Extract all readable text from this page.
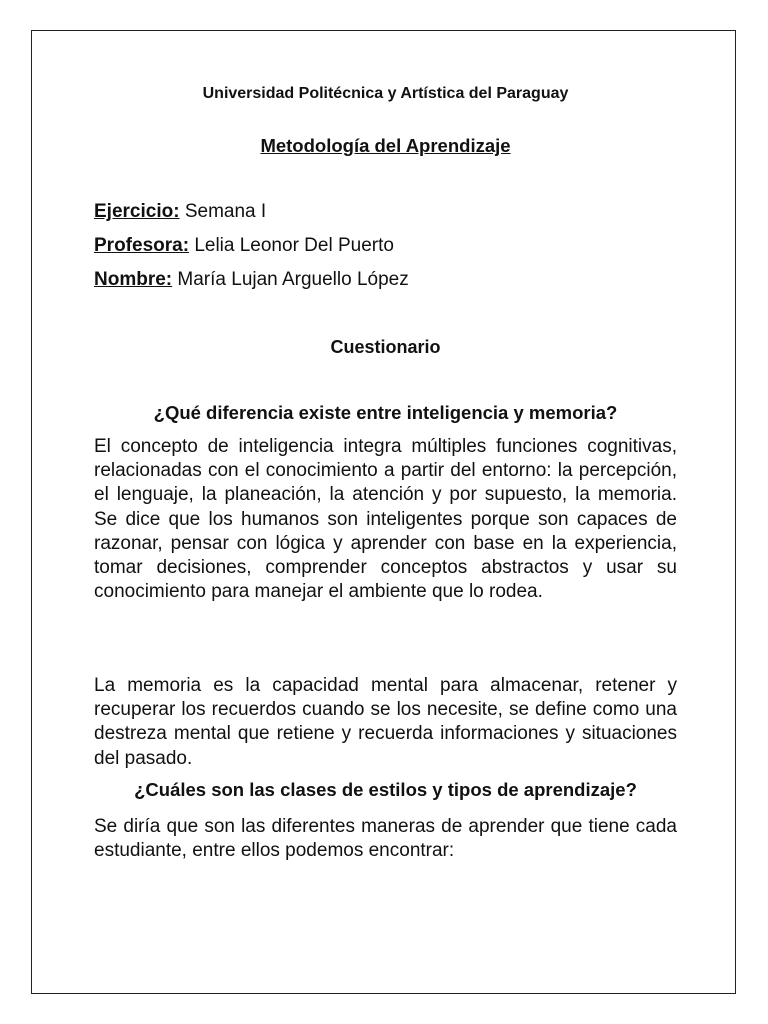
Universidad Politécnica y Artística del Paraguay
Metodología del Aprendizaje
Ejercicio: Semana I
Profesora: Lelia Leonor Del Puerto
Nombre: María Lujan Arguello López
Cuestionario
¿Qué diferencia existe entre inteligencia y memoria?
El concepto de inteligencia integra múltiples funciones cognitivas, relacionadas con el conocimiento a partir del entorno: la percepción, el lenguaje, la planeación, la atención y por supuesto, la memoria. Se dice que los humanos son inteligentes porque son capaces de razonar, pensar con lógica y aprender con base en la experiencia, tomar decisiones, comprender conceptos abstractos y usar su conocimiento para manejar el ambiente que lo rodea.
La memoria es la capacidad mental para almacenar, retener y recuperar los recuerdos cuando se los necesite, se define como una destreza mental que retiene y recuerda informaciones y situaciones del pasado.
¿Cuáles son las clases de estilos y tipos de aprendizaje?
Se diría que son las diferentes maneras de aprender que tiene cada estudiante, entre ellos podemos encontrar:
